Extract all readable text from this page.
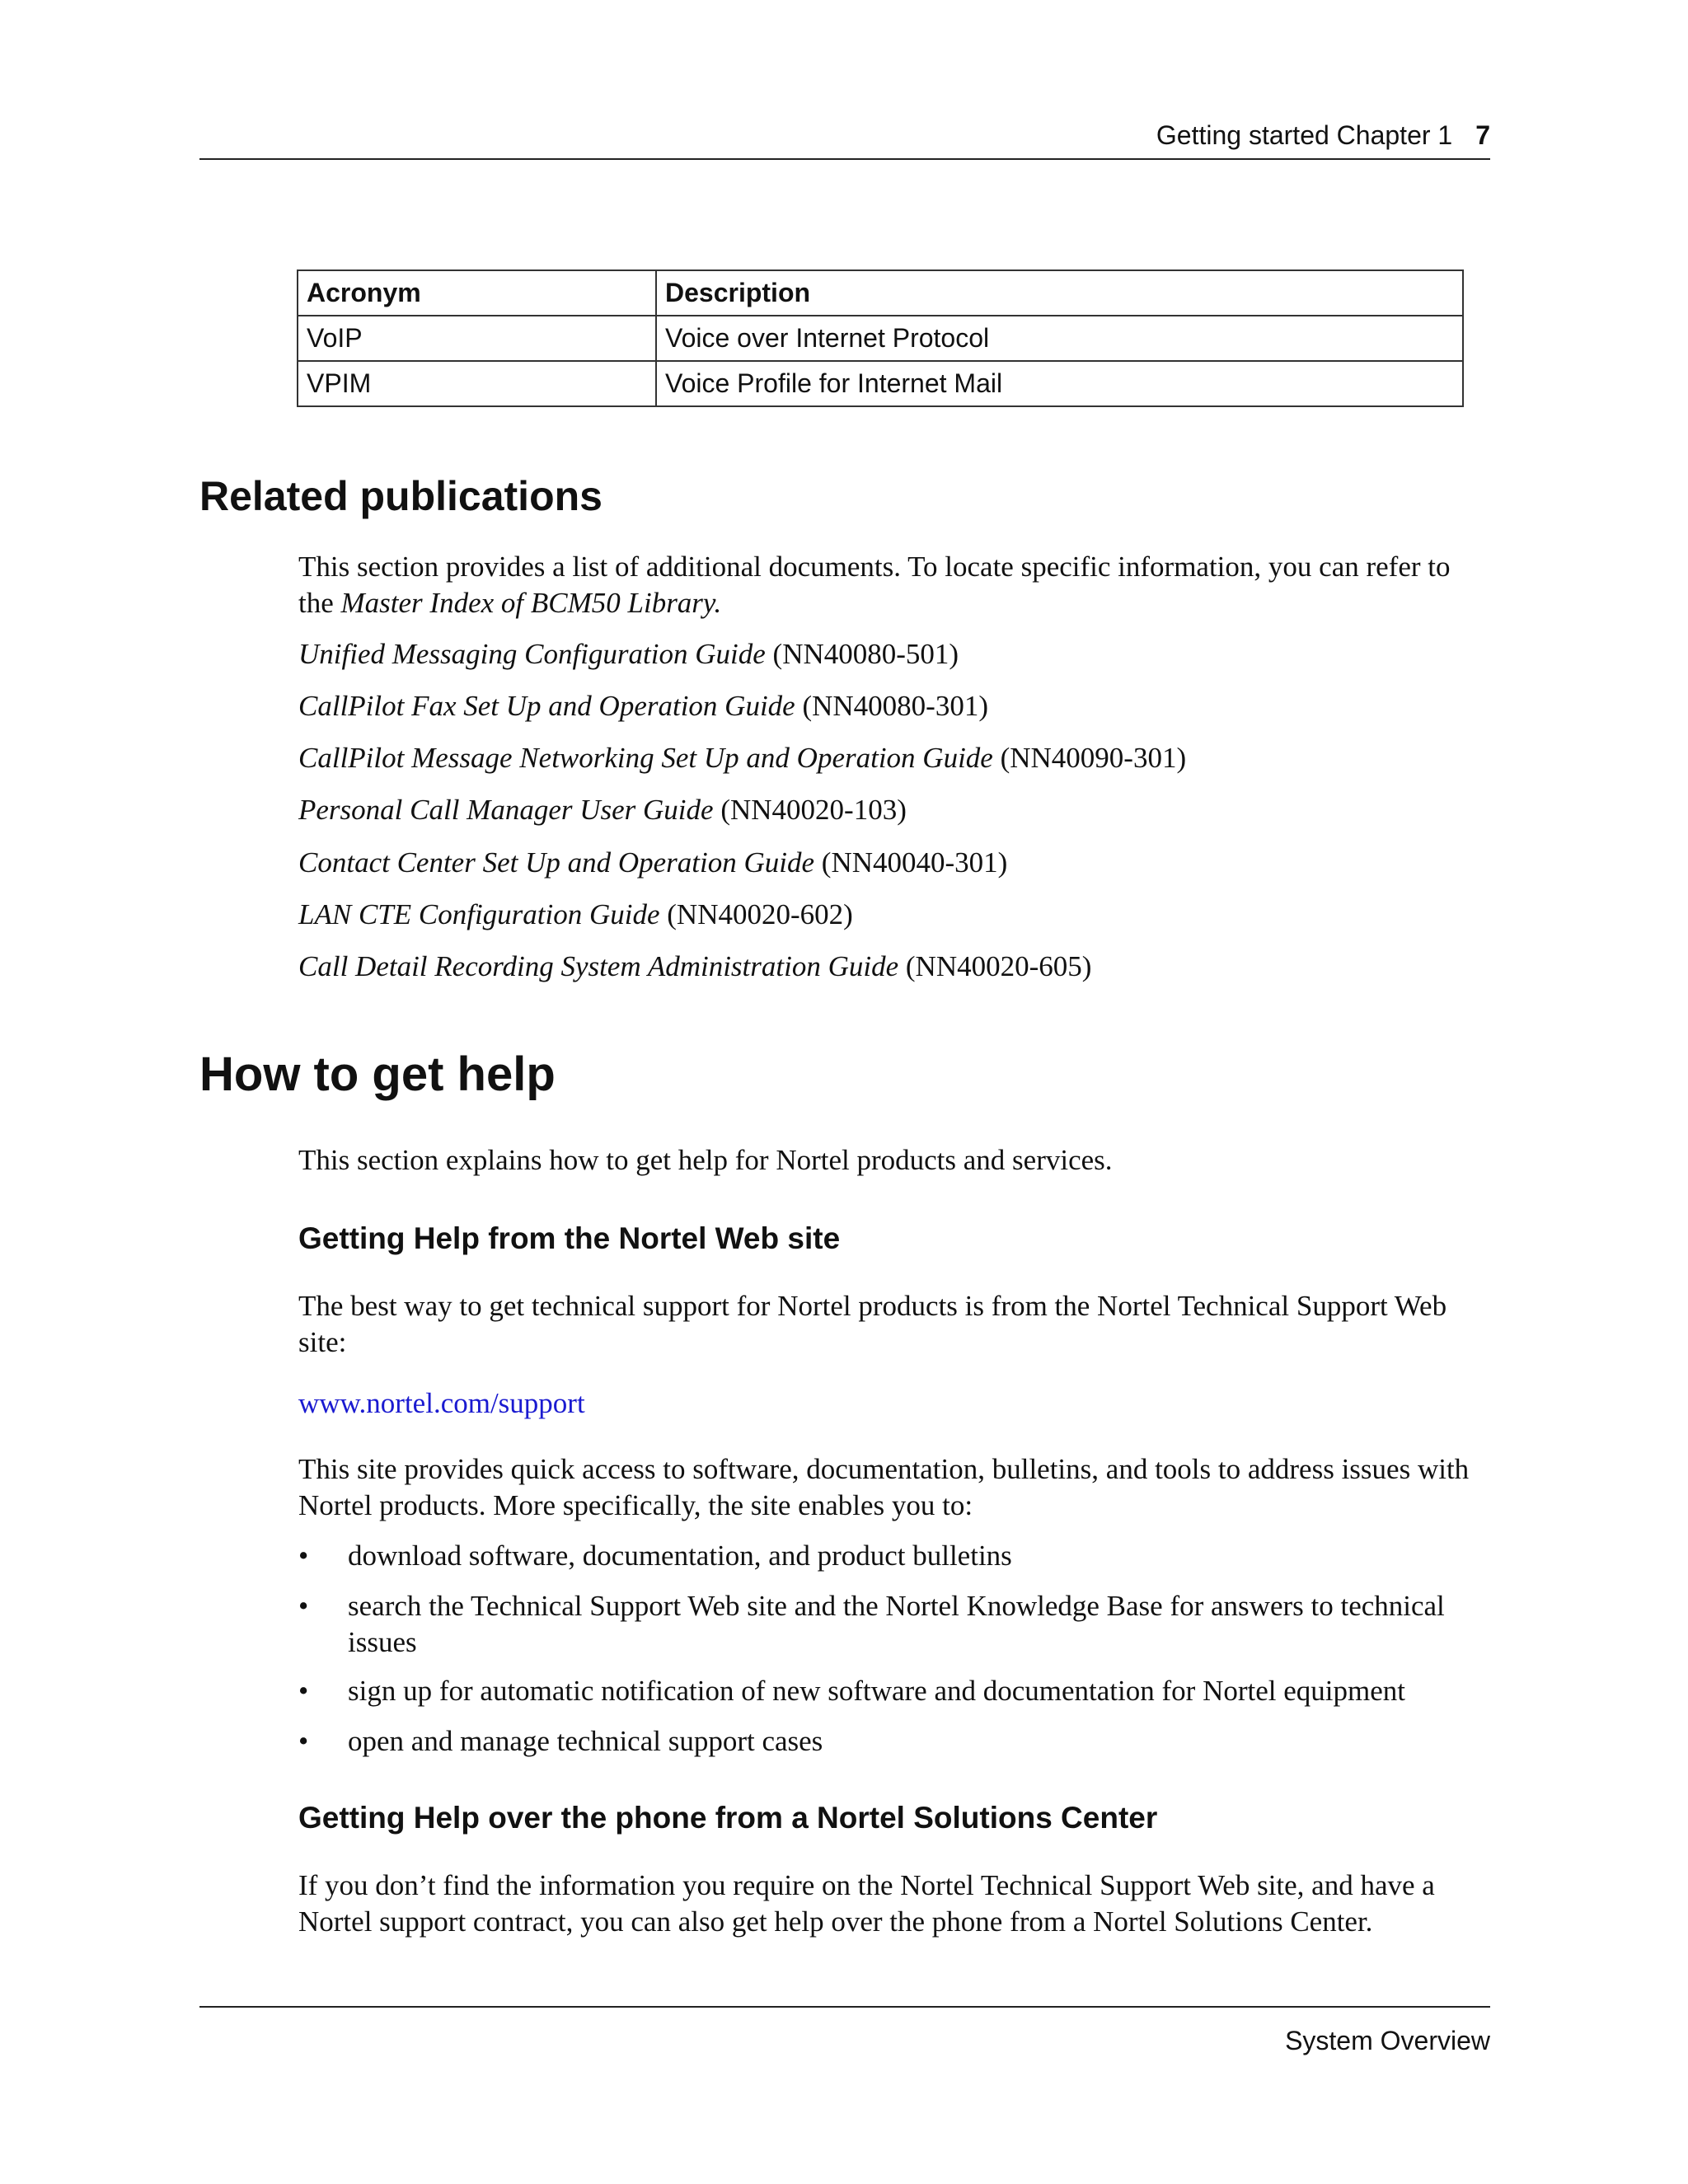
Getting started Chapter 1 7
Acronym	Description
VoIP	Voice over Internet Protocol
VPIM	Voice Profile for Internet Mail
Related publications
This section provides a list of additional documents. To locate specific information, you can refer to the Master Index of BCM50 Library.
Unified Messaging Configuration Guide (NN40080-501)
CallPilot Fax Set Up and Operation Guide (NN40080-301)
CallPilot Message Networking Set Up and Operation Guide (NN40090-301)
Personal Call Manager User Guide (NN40020-103)
Contact Center Set Up and Operation Guide (NN40040-301)
LAN CTE Configuration Guide (NN40020-602)
Call Detail Recording System Administration Guide (NN40020-605)
How to get help
This section explains how to get help for Nortel products and services.
Getting Help from the Nortel Web site
The best way to get technical support for Nortel products is from the Nortel Technical Support Web site:
www.nortel.com/support
This site provides quick access to software, documentation, bulletins, and tools to address issues with Nortel products. More specifically, the site enables you to:
• download software, documentation, and product bulletins
• search the Technical Support Web site and the Nortel Knowledge Base for answers to technical issues
• sign up for automatic notification of new software and documentation for Nortel equipment
• open and manage technical support cases
Getting Help over the phone from a Nortel Solutions Center
If you don’t find the information you require on the Nortel Technical Support Web site, and have a Nortel support contract, you can also get help over the phone from a Nortel Solutions Center.
System Overview
